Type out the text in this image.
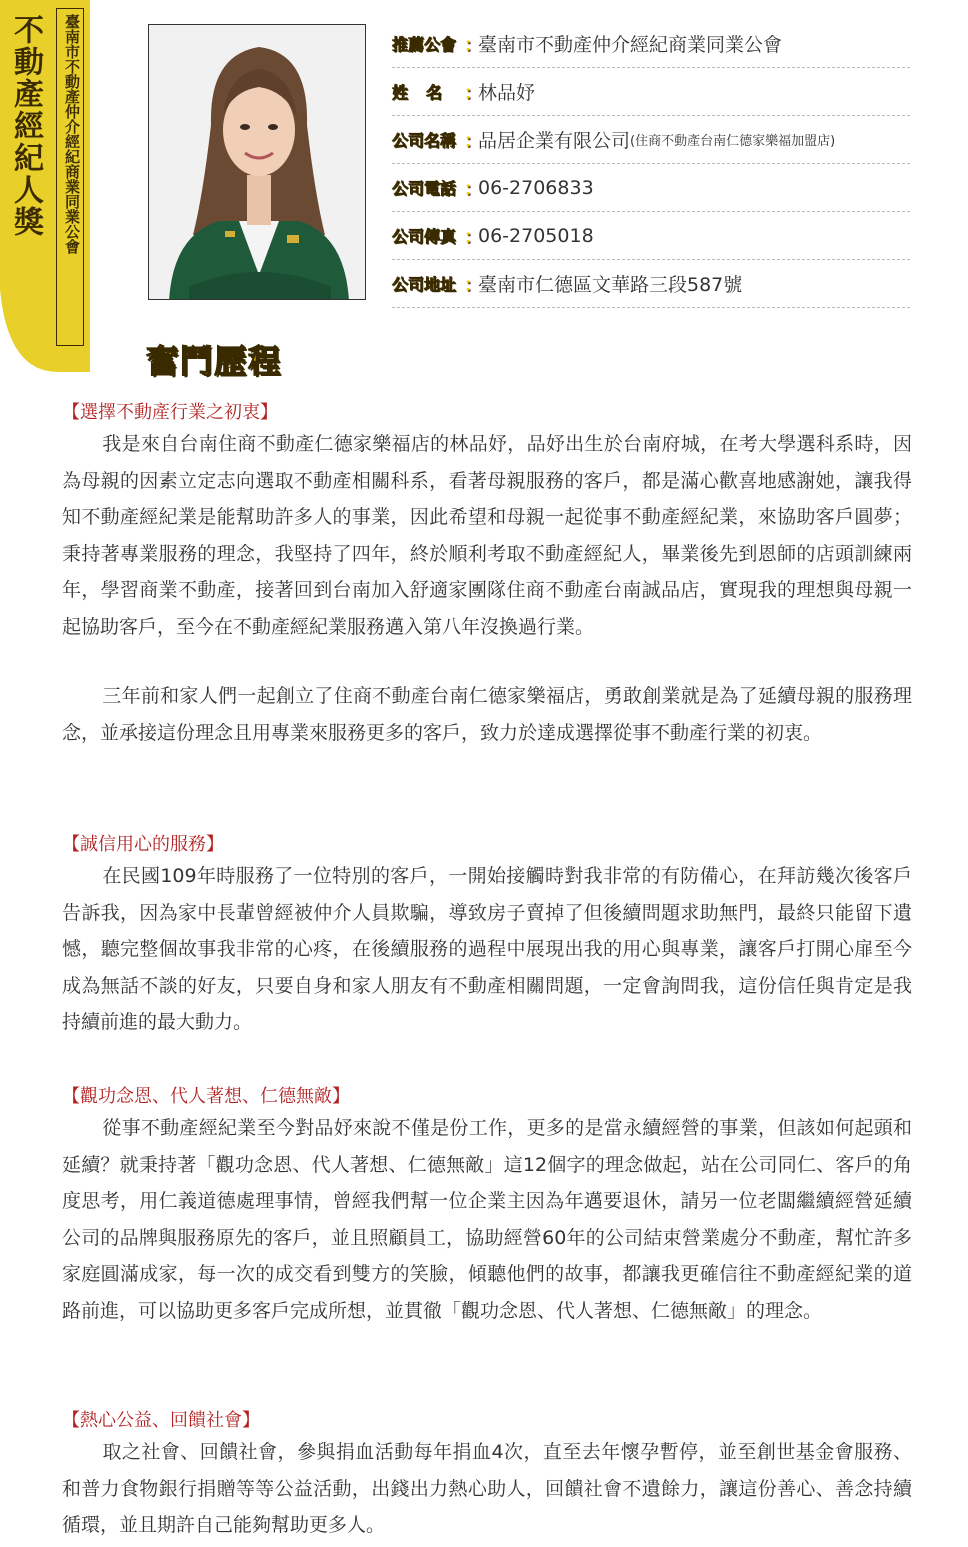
不動產經紀人獎	臺南市不動產仲介經紀商業同業公會	推薦公會 ：
臺南市不動產仲介經紀商業同業公會
姓名 ：
林品妤
公司名稱 ：
品居企業有限公司 (住商不動產台南仁德家樂福加盟店)
公司電話 ：
06-2706833
公司傳真 ：
06-2705018
公司地址 ：
臺南市仁德區文華路三段587號
奮鬥歷程
【選擇不動產行業之初衷】
我是來自台南住商不動產仁德家樂福店的林品妤，品妤出生於台南府城，在考大學選科系時，因為母親的因素立定志向選取不動產相關科系，看著母親服務的客戶，都是滿心歡喜地感謝她，讓我得知不動產經紀業是能幫助許多人的事業，因此希望和母親一起從事不動產經紀業，來協助客戶圓夢；秉持著專業服務的理念，我堅持了四年，終於順利考取不動產經紀人，畢業後先到恩師的店頭訓練兩年，學習商業不動產，接著回到台南加入舒適家團隊住商不動產台南誠品店，實現我的理想與母親一起協助客戶，至今在不動產經紀業服務邁入第八年沒換過行業。
三年前和家人們一起創立了住商不動產台南仁德家樂福店，勇敢創業就是為了延續母親的服務理念，並承接這份理念且用專業來服務更多的客戶，致力於達成選擇從事不動產行業的初衷。
【誠信用心的服務】
在民國109年時服務了一位特別的客戶，一開始接觸時對我非常的有防備心，在拜訪幾次後客戶告訴我，因為家中長輩曾經被仲介人員欺騙，導致房子賣掉了但後續問題求助無門，最終只能留下遺憾，聽完整個故事我非常的心疼，在後續服務的過程中展現出我的用心與專業，讓客戶打開心扉至今成為無話不談的好友，只要自身和家人朋友有不動產相關問題，一定會詢問我，這份信任與肯定是我持續前進的最大動力。
【觀功念恩、代人著想、仁德無敵】
從事不動產經紀業至今對品妤來說不僅是份工作，更多的是當永續經營的事業，但該如何起頭和延續？就秉持著「觀功念恩、代人著想、仁德無敵」這12個字的理念做起，站在公司同仁、客戶的角度思考，用仁義道德處理事情，曾經我們幫一位企業主因為年邁要退休，請另一位老闆繼續經營延續公司的品牌與服務原先的客戶，並且照顧員工，協助經營60年的公司結束營業處分不動產，幫忙許多家庭圓滿成家，每一次的成交看到雙方的笑臉，傾聽他們的故事，都讓我更確信往不動產經紀業的道路前進，可以協助更多客戶完成所想，並貫徹「觀功念恩、代人著想、仁德無敵」的理念。
【熱心公益、回饋社會】
取之社會、回饋社會，參與捐血活動每年捐血4次，直至去年懷孕暫停，並至創世基金會服務、和普力食物銀行捐贈等等公益活動，出錢出力熱心助人，回饋社會不遺餘力，讓這份善心、善念持續循環，並且期許自己能夠幫助更多人。
